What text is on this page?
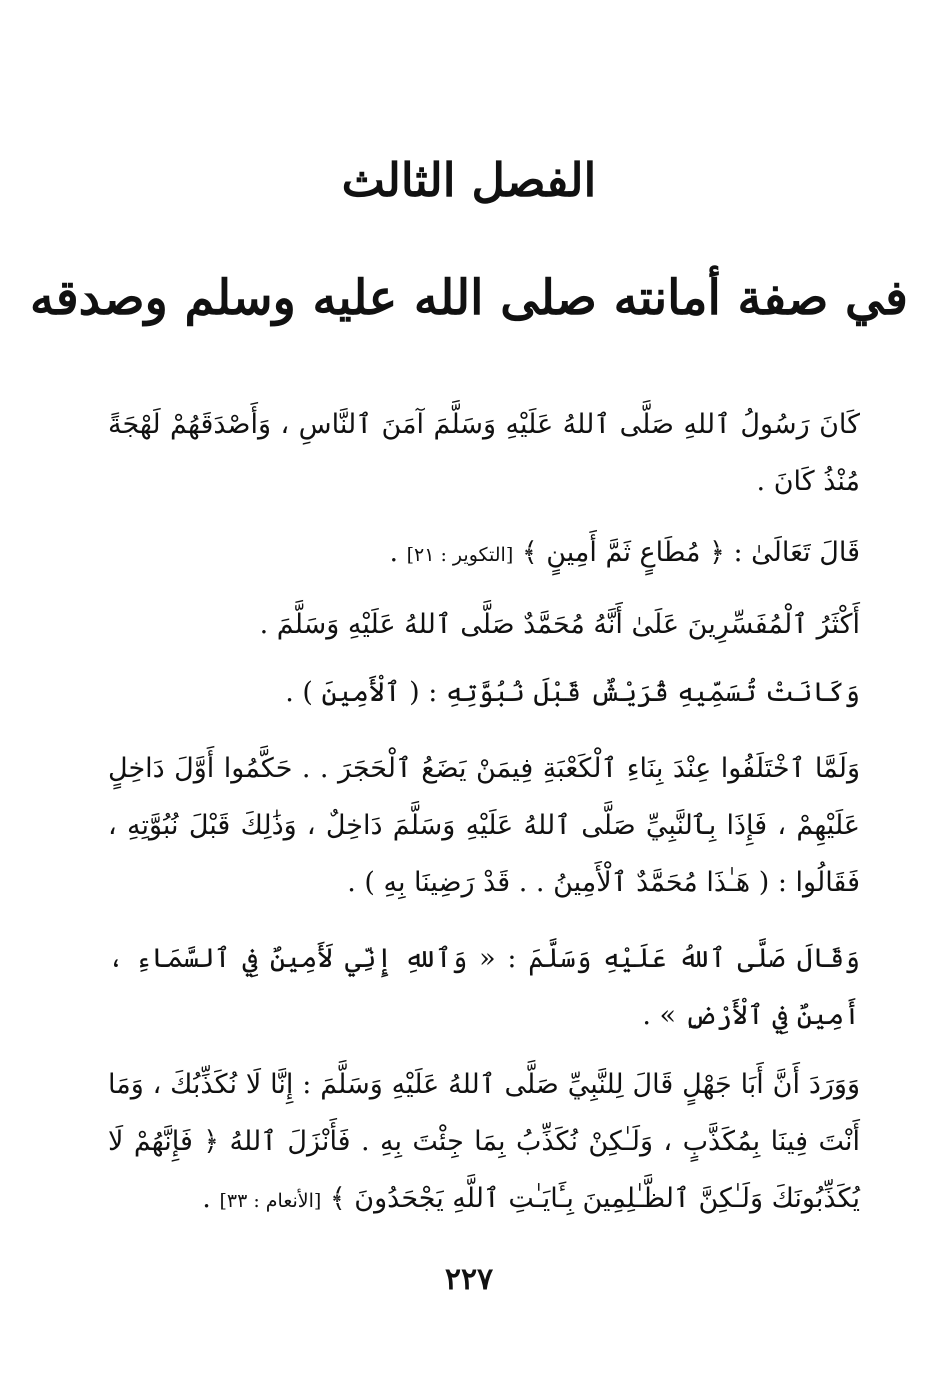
الفصل الثالث
في صفة أمانته صلى الله عليه وسلم وصدقه
كَانَ رَسُولُ ٱللهِ صَلَّى ٱللهُ عَلَيْهِ وَسَلَّمَ آمَنَ ٱلنَّاسِ ، وَأَصْدَقَهُمْ لَهْجَةً مُنْذُ كَانَ .
قَالَ تَعَالَىٰ : ﴿ مُطَاعٍ ثَمَّ أَمِينٍ ﴾ [التكوير : ٢١] .
أَكْثَرُ ٱلْمُفَسِّرِينَ عَلَىٰ أَنَّهُ مُحَمَّدٌ صَلَّى ٱللهُ عَلَيْهِ وَسَلَّمَ .
وَكَانَتْ تُسَمِّيهِ قُرَيْشٌ قَبْلَ نُبُوَّتِهِ : ( ٱلْأَمِينَ ) .
وَلَمَّا ٱخْتَلَفُوا عِنْدَ بِنَاءِ ٱلْكَعْبَةِ فِيمَنْ يَضَعُ ٱلْحَجَرَ . . حَكَّمُوا أَوَّلَ دَاخِلٍ عَلَيْهِمْ ، فَإِذَا بِٱلنَّبِيِّ صَلَّى ٱللهُ عَلَيْهِ وَسَلَّمَ دَاخِلٌ ، وَذَٰلِكَ قَبْلَ نُبُوَّتِهِ ، فَقَالُوا : ( هَـٰذَا مُحَمَّدٌ ٱلْأَمِينُ . . قَدْ رَضِينَا بِهِ ) .
وَقَالَ صَلَّى ٱللهُ عَلَيْهِ وَسَلَّمَ : « وَٱللهِ إِنِّي لَأَمِينٌ فِي ٱلسَّمَاءِ ، أَمِينٌ فِي ٱلْأَرْضِ » .
وَوَرَدَ أَنَّ أَبَا جَهْلٍ قَالَ لِلنَّبِيِّ صَلَّى ٱللهُ عَلَيْهِ وَسَلَّمَ : إِنَّا لَا نُكَذِّبُكَ ، وَمَا أَنْتَ فِينَا بِمُكَذَّبٍ ، وَلَـٰكِنْ نُكَذِّبُ بِمَا جِئْتَ بِهِ . فَأَنْزَلَ ٱللهُ ﴿ فَإِنَّهُمْ لَا يُكَذِّبُونَكَ وَلَـٰكِنَّ ٱلظَّـٰلِمِينَ بِـَٔايَـٰتِ ٱللَّهِ يَجْحَدُونَ ﴾ [الأنعام : ٣٣] .
٢٢٧
